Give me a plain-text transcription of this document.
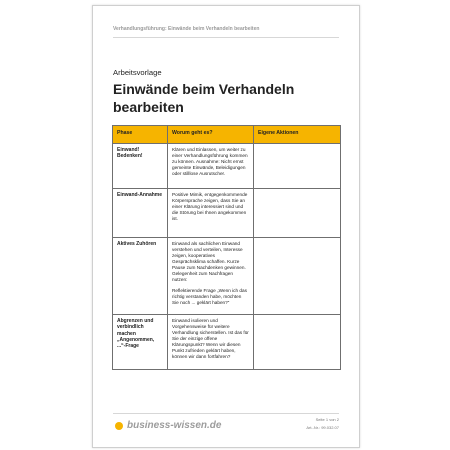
Verhandlungsführung: Einwände beim Verhandeln bearbeiten
Arbeitsvorlage
Einwände beim Verhandeln bearbeiten
Phase	Worum geht es?	Eigene Aktionen
Einwand! Bedenken!	Klären und Einlassen, um weiter zu einer Verhandlungsführung kommen zu können. Ausnahme: Nicht ernst gemeinte Einwände, Beleidigungen oder stilllose Ausrutscher.	

Einwand-Annahme	Positive Mimik, entgegenkommende Körpersprache zeigen, dass Sie an einer Klärung interessiert sind und die Störung bei Ihnen angekommen ist.	

Aktives Zuhören	Einwand als sachlichen Einwand verstehen und verteilen, Interesse zeigen, kooperatives Gesprächsklima schaffen. Kurze Pause zum Nachdenken gewinnen. Gelegenheit zum Nachfragen nutzen:
Reflektierende Frage „Wenn ich das richtig verstanden habe, möchten Sie noch ... geklärt haben?“	

Abgrenzen und verbindlich machen „Angenommen, ...“-Frage	Einwand isolieren und Vorgehensweise für weitere Verhandlung sicherstellen. Ist das für Sie der einzige offene Klärungspunkt? Wenn wir diesen Punkt zufrieden geklärt haben, können wir dann fortfahren?	

business-wissen.de
Seite 1 von 2
Art.-Nr.: 99.032.07
